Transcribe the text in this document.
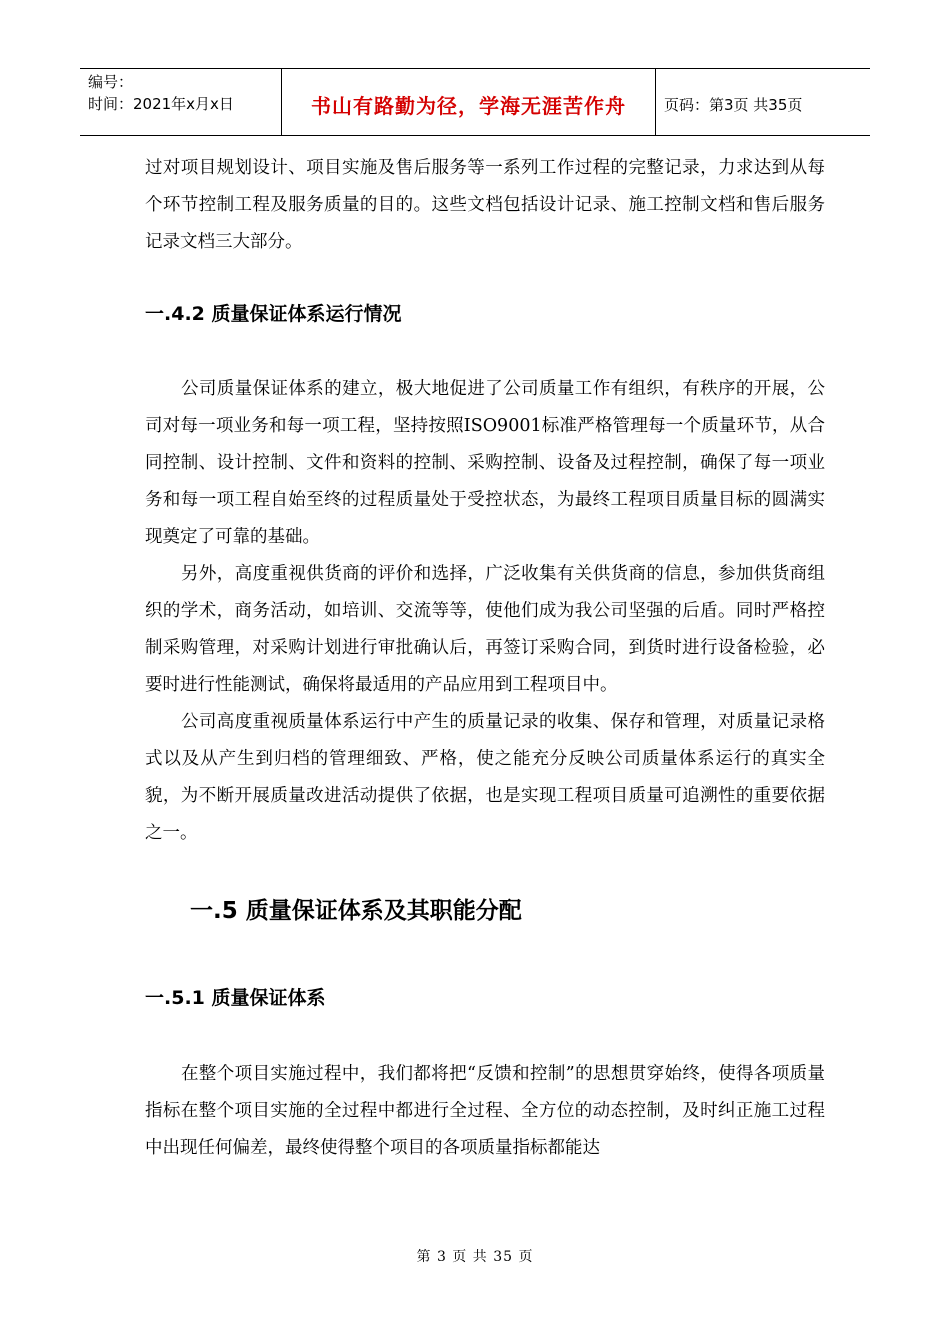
编号：
时间：2021年x月x日	书山有路勤为径，学海无涯苦作舟	页码：第3页 共35页

过对项目规划设计、项目实施及售后服务等一系列工作过程的完整记录，力求达到从每个环节控制工程及服务质量的目的。这些文档包括设计记录、施工控制文档和售后服务记录文档三大部分。

一.4.2 质量保证体系运行情况

公司质量保证体系的建立，极大地促进了公司质量工作有组织，有秩序的开展，公司对每一项业务和每一项工程，坚持按照ISO9001标准严格管理每一个质量环节，从合同控制、设计控制、文件和资料的控制、采购控制、设备及过程控制，确保了每一项业务和每一项工程自始至终的过程质量处于受控状态，为最终工程项目质量目标的圆满实现奠定了可靠的基础。

另外，高度重视供货商的评价和选择，广泛收集有关供货商的信息，参加供货商组织的学术，商务活动，如培训、交流等等，使他们成为我公司坚强的后盾。同时严格控制采购管理，对采购计划进行审批确认后，再签订采购合同，到货时进行设备检验，必要时进行性能测试，确保将最适用的产品应用到工程项目中。

公司高度重视质量体系运行中产生的质量记录的收集、保存和管理，对质量记录格式以及从产生到归档的管理细致、严格，使之能充分反映公司质量体系运行的真实全貌，为不断开展质量改进活动提供了依据，也是实现工程项目质量可追溯性的重要依据之一。

一.5 质量保证体系及其职能分配
一.5.1 质量保证体系

在整个项目实施过程中，我们都将把“反馈和控制”的思想贯穿始终，使得各项质量指标在整个项目实施的全过程中都进行全过程、全方位的动态控制，及时纠正施工过程中出现任何偏差，最终使得整个项目的各项质量指标都能达

第 3 页 共 35 页
